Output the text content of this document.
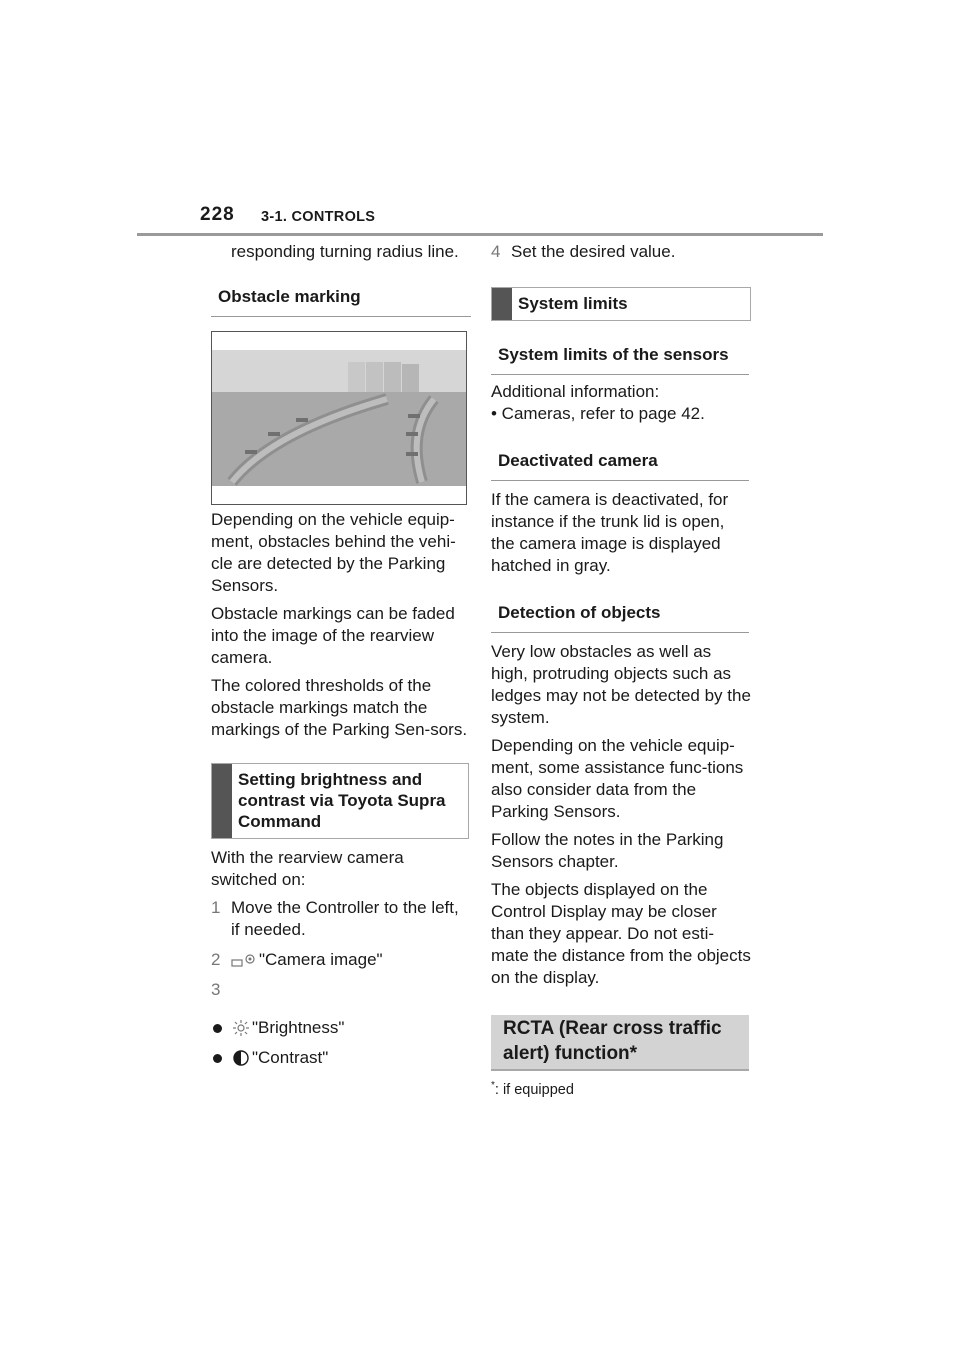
228 3-1. CONTROLS

responding turning radius line.

Obstacle marking

Depending on the vehicle equip-ment, obstacles behind the vehi-cle are detected by the Parking Sensors.

Obstacle markings can be faded into the image of the rearview camera.

The colored thresholds of the obstacle markings match the markings of the Parking Sen-sors.

Setting brightness and contrast via Toyota Supra Command

With the rearview camera switched on:

1 Move the Controller to the left, if needed.
2	"Camera image"
3
"Brightness"
"Contrast"
4 Set the desired value.
System limits
System limits of the sensors

Additional information:

• Cameras, refer to page 42.

Deactivated camera

If the camera is deactivated, for instance if the trunk lid is open, the camera image is displayed hatched in gray.

Detection of objects

Very low obstacles as well as high, protruding objects such as ledges may not be detected by the system.

Depending on the vehicle equip-ment, some assistance func-tions also consider data from the Parking Sensors.

Follow the notes in the Parking Sensors chapter.

The objects displayed on the Control Display may be closer than they appear. Do not esti-mate the distance from the objects on the display.

RCTA (Rear cross traffic alert) function*
*: if equipped
